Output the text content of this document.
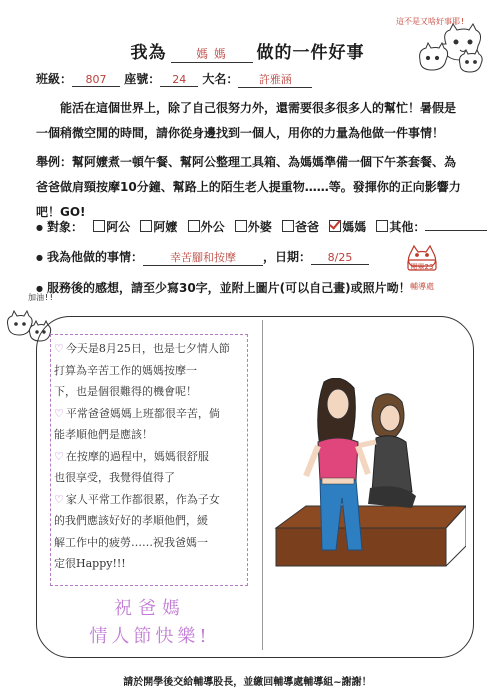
我為 媽 媽 做的一件好事
這不是又啥好事耶!
班級： 807 座號： 24 大名： 許雅涵
能活在這個世界上，除了自己很努力外，還需要很多很多人的幫忙！暑假是一個稍微空閒的時間，請你從身邊找到一個人，用你的力量為他做一件事情！
舉例：幫阿嬤煮一頓午餐、幫阿公整理工具箱、為媽媽準備一個下午茶套餐、為爸爸做肩頸按摩10分鐘、幫路上的陌生老人提重物……等。發揮你的正向影響力吧！GO!
● 對象： 阿公 阿嬤 外公 外婆 爸爸 媽媽 其他：
● 我為他做的事情： 幸苦腳和按摩 ，日期： 8/25
● 服務後的感想，請至少寫30字，並附上圖片(可以自己畫)或照片呦！
閱畢23
輔導處
加油!!
♡ 今天是8月25日，也是七夕情人節
打算為辛苦工作的媽媽按摩一
下，也是個很難得的機會呢！
♡ 平常爸爸媽媽上班都很辛苦，倘
能孝順他們是應該！
♡ 在按摩的過程中，媽媽很舒服
也很享受，我覺得值得了
♡ 家人平常工作都很累，作為子女
的我們應該好好的孝順他們，緩
解工作中的疲勞……祝我爸媽一
定很Happy!!!
祝爸媽
情人節快樂!
請於開學後交給輔導股長，並繳回輔導處輔導組~謝謝！
